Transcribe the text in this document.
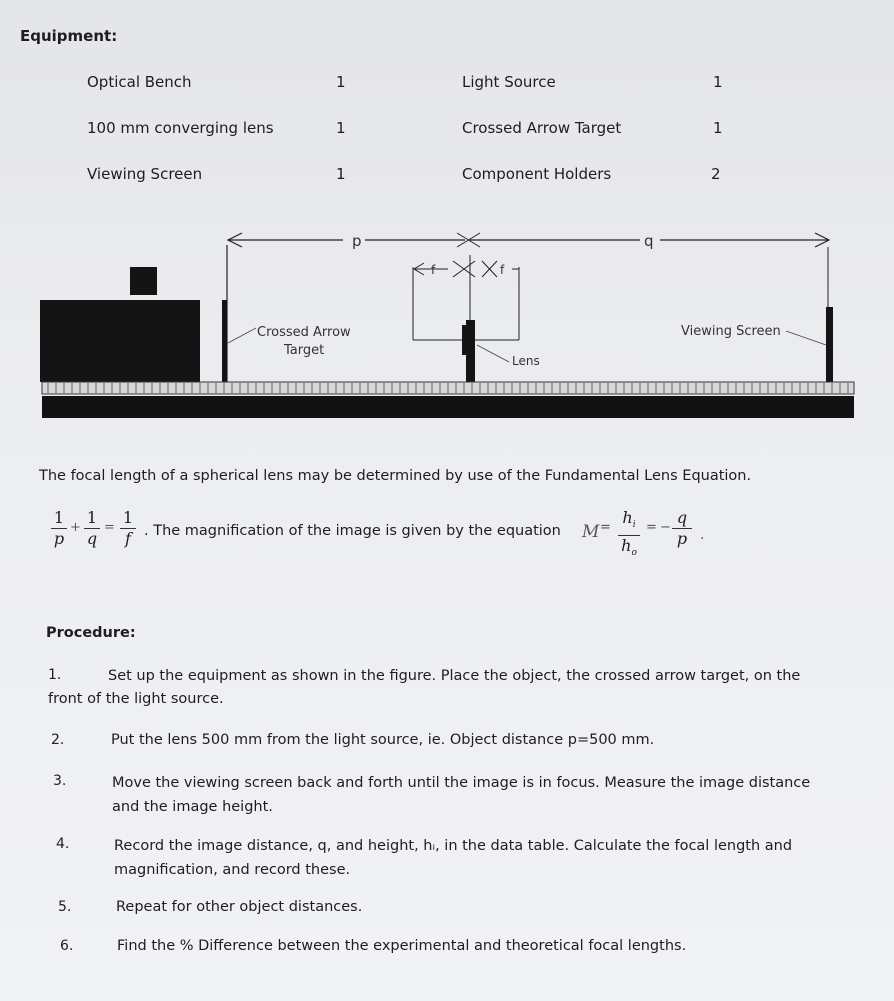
Equipment:
Optical Bench	1	Light Source	1
100 mm converging lens	1	Crossed Arrow Target	1
Viewing Screen	1	Component Holders	2
p	q
f	f
Crossed Arrow
Target
Lens
Viewing Screen
The focal length of a spherical lens may be determined by use of the Fundamental Lens Equation.
1
p
+
1
q
=
1
f . The magnification of the image is given by the equation M =
$h_i$
$h_o$
= −
q
p .
Procedure:
1.	Set up the equipment as shown in the figure. Place the object, the crossed arrow target, on the
front of the light source.
2.	Put the lens 500 mm from the light source, ie. Object distance p=500 mm.
3.	Move the viewing screen back and forth until the image is in focus. Measure the image distance and the image height.
4.	Record the image distance, q, and height, hᵢ, in the data table. Calculate the focal length and magnification, and record these.
5.	Repeat for other object distances.
6.	Find the % Difference between the experimental and theoretical focal lengths.
